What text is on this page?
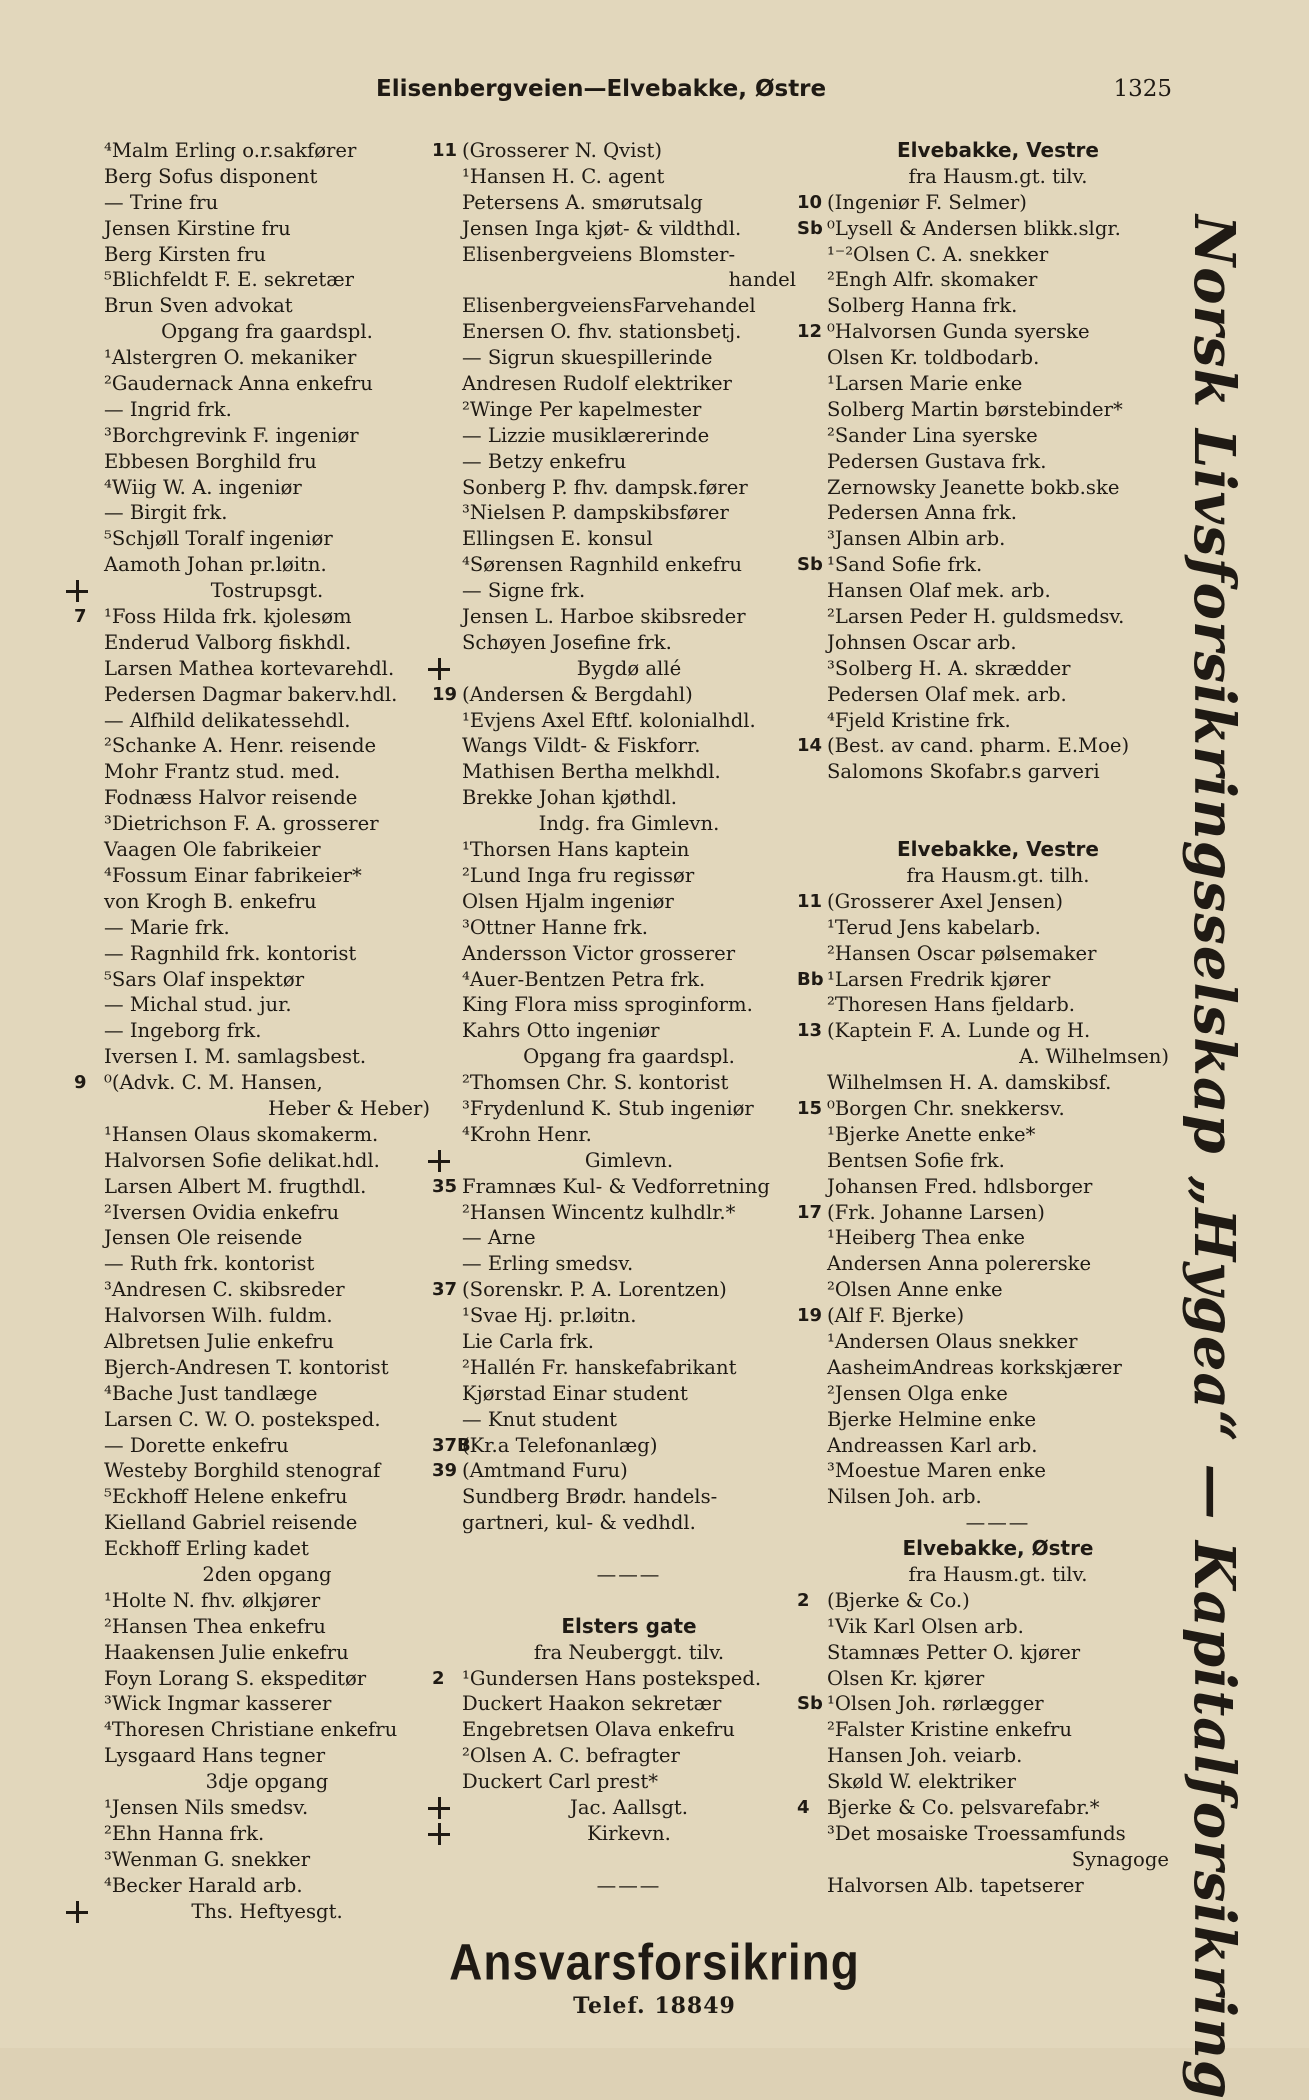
Elisenbergveien—Elvebakke, Østre	1325
⁴Malm Erling o.r.sakfører
Berg Sofus disponent
— Trine fru
Jensen Kirstine fru
Berg Kirsten fru
⁵Blichfeldt F. E. sekretær
Brun Sven advokat
Opgang fra gaardspl.
¹Alstergren O. mekaniker
²Gaudernack Anna enkefru
— Ingrid frk.
³Borchgrevink F. ingeniør
Ebbesen Borghild fru
⁴Wiig W. A. ingeniør
— Birgit frk.
⁵Schjøll Toralf ingeniør
Aamoth Johan pr.løitn.
Tostrupsgt.
7 ¹Foss Hilda frk. kjolesøm
Enderud Valborg fiskhdl.
Larsen Mathea kortevarehdl.
Pedersen Dagmar bakerv.hdl.
— Alfhild delikatessehdl.
²Schanke A. Henr. reisende
Mohr Frantz stud. med.
Fodnæss Halvor reisende
³Dietrichson F. A. grosserer
Vaagen Ole fabrikeier
⁴Fossum Einar fabrikeier*
von Krogh B. enkefru
— Marie frk.
— Ragnhild frk. kontorist
⁵Sars Olaf inspektør
— Michal stud. jur.
— Ingeborg frk.
Iversen I. M. samlagsbest.
9 ⁰(Advk. C. M. Hansen,
Heber & Heber)
¹Hansen Olaus skomakerm.
Halvorsen Sofie delikat.hdl.
Larsen Albert M. frugthdl.
²Iversen Ovidia enkefru
Jensen Ole reisende
— Ruth frk. kontorist
³Andresen C. skibsreder
Halvorsen Wilh. fuldm.
Albretsen Julie enkefru
Bjerch-Andresen T. kontorist
⁴Bache Just tandlæge
Larsen C. W. O. posteksped.
— Dorette enkefru
Westeby Borghild stenograf
⁵Eckhoff Helene enkefru
Kielland Gabriel reisende
Eckhoff Erling kadet
2den opgang
¹Holte N. fhv. ølkjører
²Hansen Thea enkefru
Haakensen Julie enkefru
Foyn Lorang S. ekspeditør
³Wick Ingmar kasserer
⁴Thoresen Christiane enkefru
Lysgaard Hans tegner
3dje opgang
¹Jensen Nils smedsv.
²Ehn Hanna frk.
³Wenman G. snekker
⁴Becker Harald arb.
Ths. Heftyesgt.
11 (Grosserer N. Qvist)
¹Hansen H. C. agent
Petersens A. smørutsalg
Jensen Inga kjøt- & vildthdl.
Elisenbergveiens Blomster-
handel
ElisenbergveiensFarvehandel
Enersen O. fhv. stationsbetj.
— Sigrun skuespillerinde
Andresen Rudolf elektriker
²Winge Per kapelmester
— Lizzie musiklærerinde
— Betzy enkefru
Sonberg P. fhv. dampsk.fører
³Nielsen P. dampskibsfører
Ellingsen E. konsul
⁴Sørensen Ragnhild enkefru
— Signe frk.
Jensen L. Harboe skibsreder
Schøyen Josefine frk.
Bygdø allé
19 (Andersen & Bergdahl)
¹Evjens Axel Eftf. kolonialhdl.
Wangs Vildt- & Fiskforr.
Mathisen Bertha melkhdl.
Brekke Johan kjøthdl.
Indg. fra Gimlevn.
¹Thorsen Hans kaptein
²Lund Inga fru regissør
Olsen Hjalm ingeniør
³Ottner Hanne frk.
Andersson Victor grosserer
⁴Auer-Bentzen Petra frk.
King Flora miss sproginform.
Kahrs Otto ingeniør
Opgang fra gaardspl.
²Thomsen Chr. S. kontorist
³Frydenlund K. Stub ingeniør
⁴Krohn Henr.
Gimlevn.
35 Framnæs Kul- & Vedforretning
²Hansen Wincentz kulhdlr.*
— Arne
— Erling smedsv.
37 (Sorenskr. P. A. Lorentzen)
¹Svae Hj. pr.løitn.
Lie Carla frk.
²Hallén Fr. hanskefabrikant
Kjørstad Einar student
— Knut student
37B
(Kr.a Telefonanlæg)
39 (Amtmand Furu)
Sundberg Brødr. handels-
gartneri, kul- & vedhdl.
———
Elsters gate
fra Neuberggt. tilv.
2 ¹Gundersen Hans posteksped.
Duckert Haakon sekretær
Engebretsen Olava enkefru
²Olsen A. C. befragter
Duckert Carl prest*
Jac. Aallsgt.
Kirkevn.
———
Elvebakke, Vestre
fra Hausm.gt. tilv.
10 (Ingeniør F. Selmer)
Sb ⁰Lysell & Andersen blikk.slgr.
¹⁻²Olsen C. A. snekker
²Engh Alfr. skomaker
Solberg Hanna frk.
12 ⁰Halvorsen Gunda syerske
Olsen Kr. toldbodarb.
¹Larsen Marie enke
Solberg Martin børstebinder*
²Sander Lina syerske
Pedersen Gustava frk.
Zernowsky Jeanette bokb.ske
Pedersen Anna frk.
³Jansen Albin arb.
Sb ¹Sand Sofie frk.
Hansen Olaf mek. arb.
²Larsen Peder H. guldsmedsv.
Johnsen Oscar arb.
³Solberg H. A. skrædder
Pedersen Olaf mek. arb.
⁴Fjeld Kristine frk.
14 (Best. av cand. pharm. E.Moe)
Salomons Skofabr.s garveri
Elvebakke, Vestre
fra Hausm.gt. tilh.
11 (Grosserer Axel Jensen)
¹Terud Jens kabelarb.
²Hansen Oscar pølsemaker
Bb ¹Larsen Fredrik kjører
²Thoresen Hans fjeldarb.
13 (Kaptein F. A. Lunde og H.
A. Wilhelmsen)
Wilhelmsen H. A. damskibsf.
15 ⁰Borgen Chr. snekkersv.
¹Bjerke Anette enke*
Bentsen Sofie frk.
Johansen Fred. hdlsborger
17 (Frk. Johanne Larsen)
¹Heiberg Thea enke
Andersen Anna polererske
²Olsen Anne enke
19 (Alf F. Bjerke)
¹Andersen Olaus snekker
AasheimAndreas korkskjærer
²Jensen Olga enke
Bjerke Helmine enke
Andreassen Karl arb.
³Moestue Maren enke
Nilsen Joh. arb.
———
Elvebakke, Østre
fra Hausm.gt. tilv.
2 (Bjerke & Co.)
¹Vik Karl Olsen arb.
Stamnæs Petter O. kjører
Olsen Kr. kjører
Sb ¹Olsen Joh. rørlægger
²Falster Kristine enkefru
Hansen Joh. veiarb.
Skøld W. elektriker
4 Bjerke & Co. pelsvarefabr.*
³Det mosaiske Troessamfunds
Synagoge
Halvorsen Alb. tapetserer	Norsk Livsforsikringsselskap „Hygea“ — Kapitalforsikring
Ansvarsforsikring
Telef. 18849
